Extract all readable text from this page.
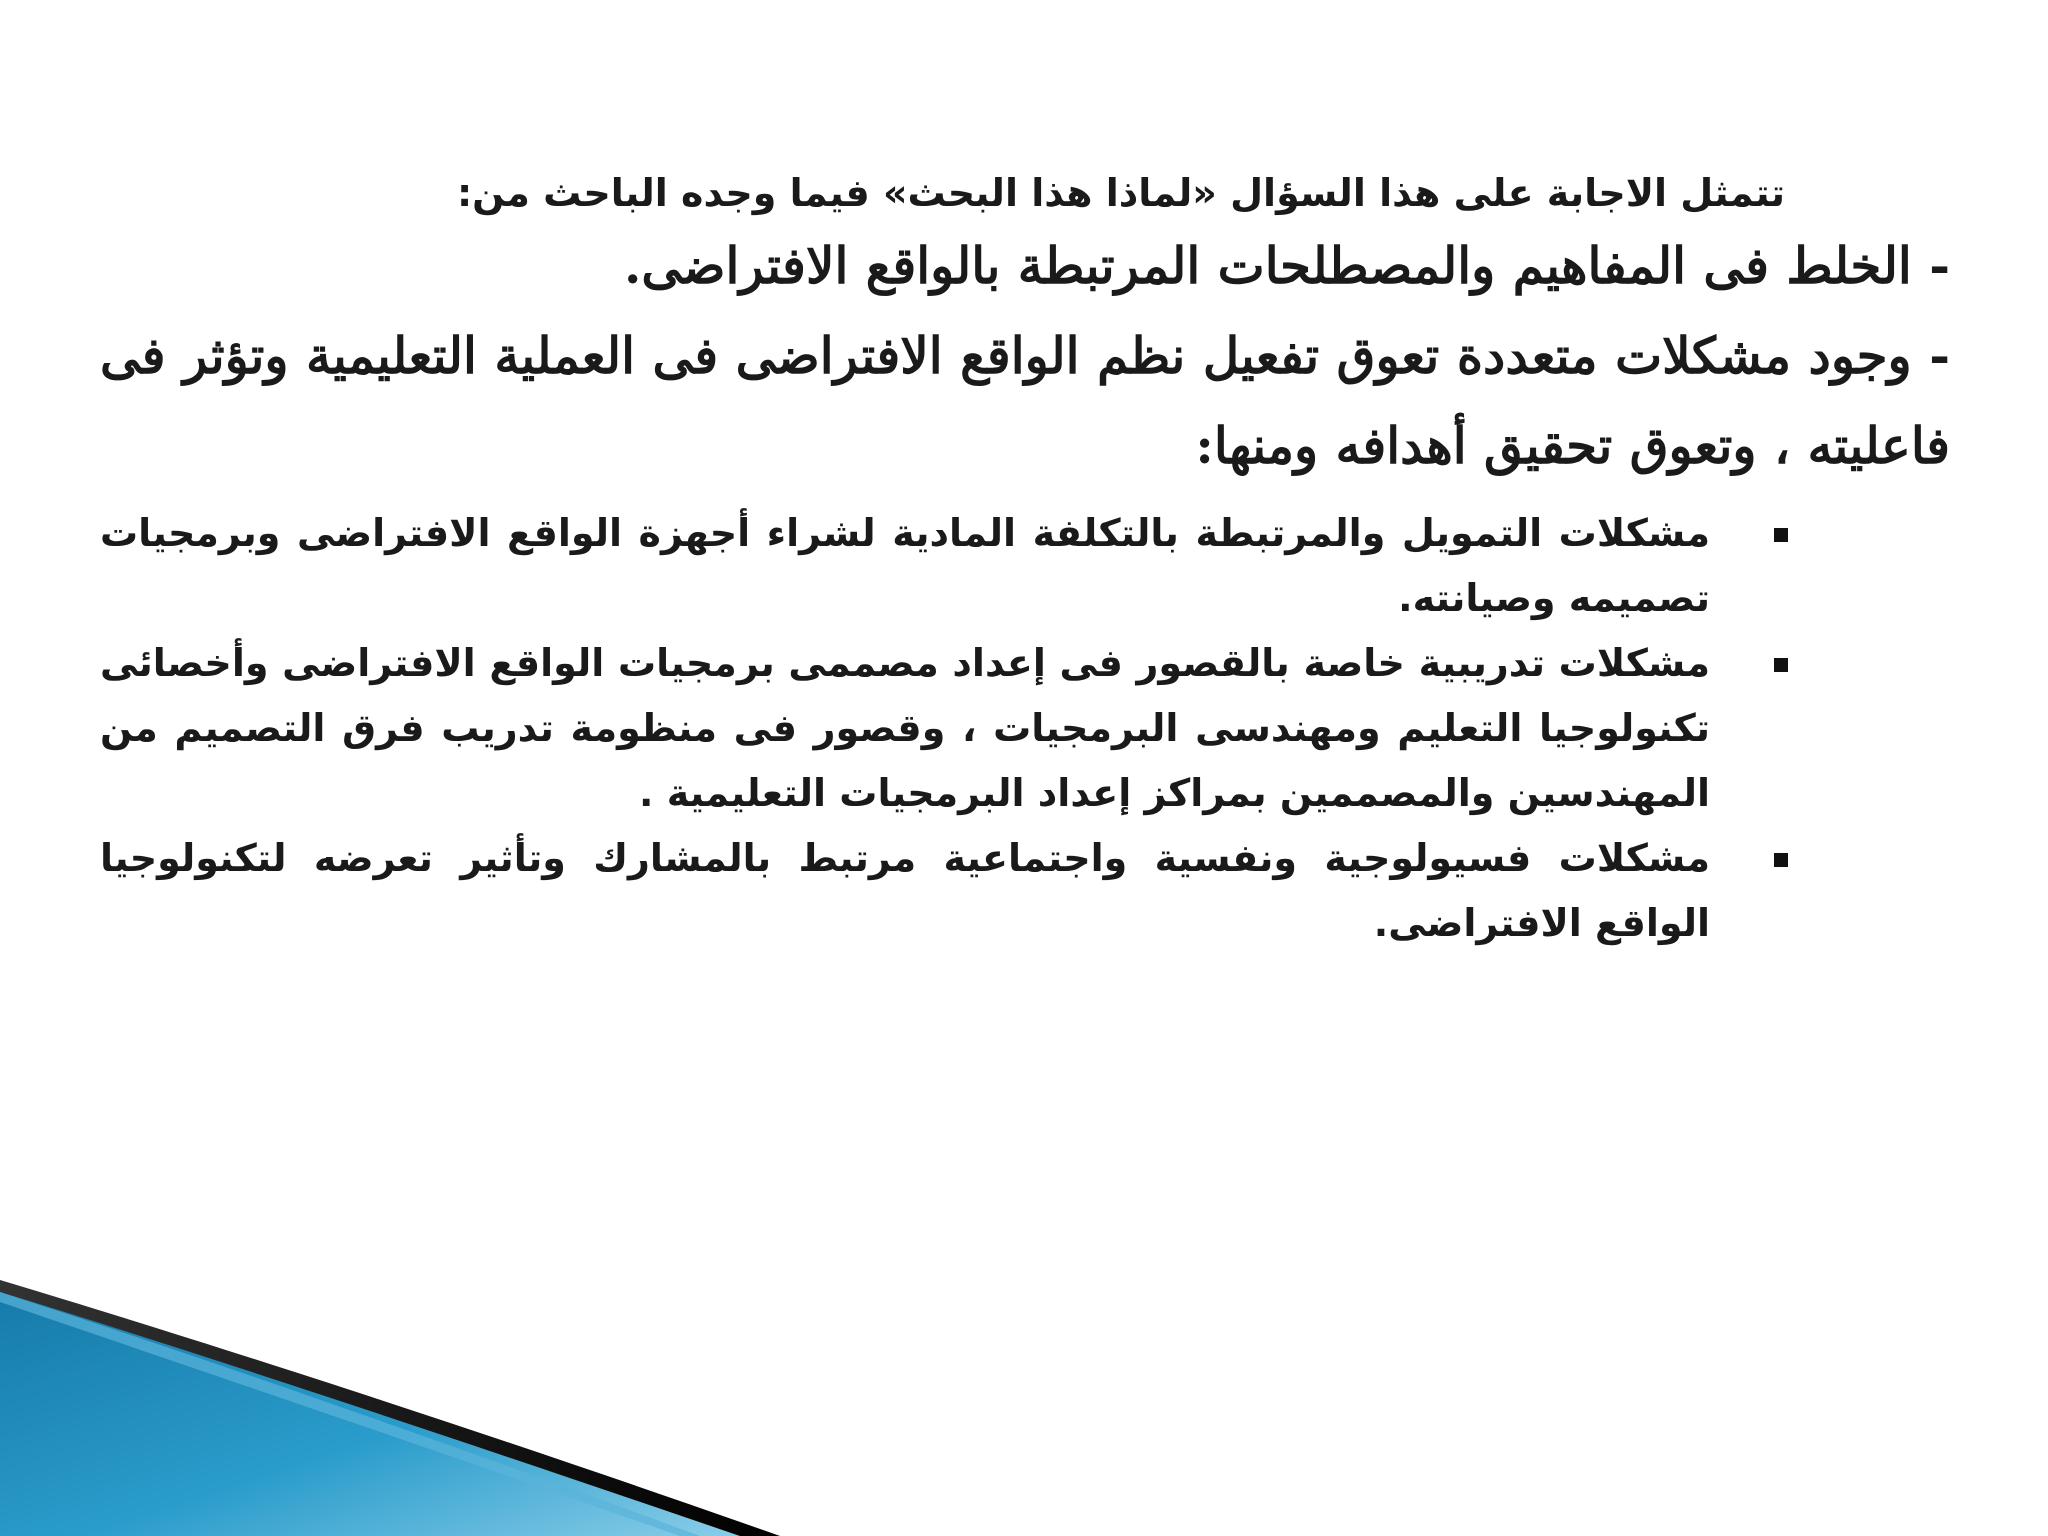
تتمثل الاجابة على هذا السؤال «لماذا هذا البحث» فيما وجده الباحث من:

- الخلط فى المفاهيم والمصطلحات المرتبطة بالواقع الافتراضى.

- وجود مشكلات متعددة تعوق تفعيل نظم الواقع الافتراضى فى العملية التعليمية وتؤثر فى فاعليته ، وتعوق تحقيق أهدافه ومنها:

مشكلات التمويل والمرتبطة بالتكلفة المادية لشراء أجهزة الواقع الافتراضى وبرمجيات تصميمه وصيانته.
مشكلات تدريبية خاصة بالقصور فى إعداد مصممى برمجيات الواقع الافتراضى وأخصائى تكنولوجيا التعليم ومهندسى البرمجيات ، وقصور فى منظومة تدريب فرق التصميم من المهندسين والمصممين بمراكز إعداد البرمجيات التعليمية .
مشكلات فسيولوجية ونفسية واجتماعية مرتبط بالمشارك وتأثير تعرضه لتكنولوجيا الواقع الافتراضى.
